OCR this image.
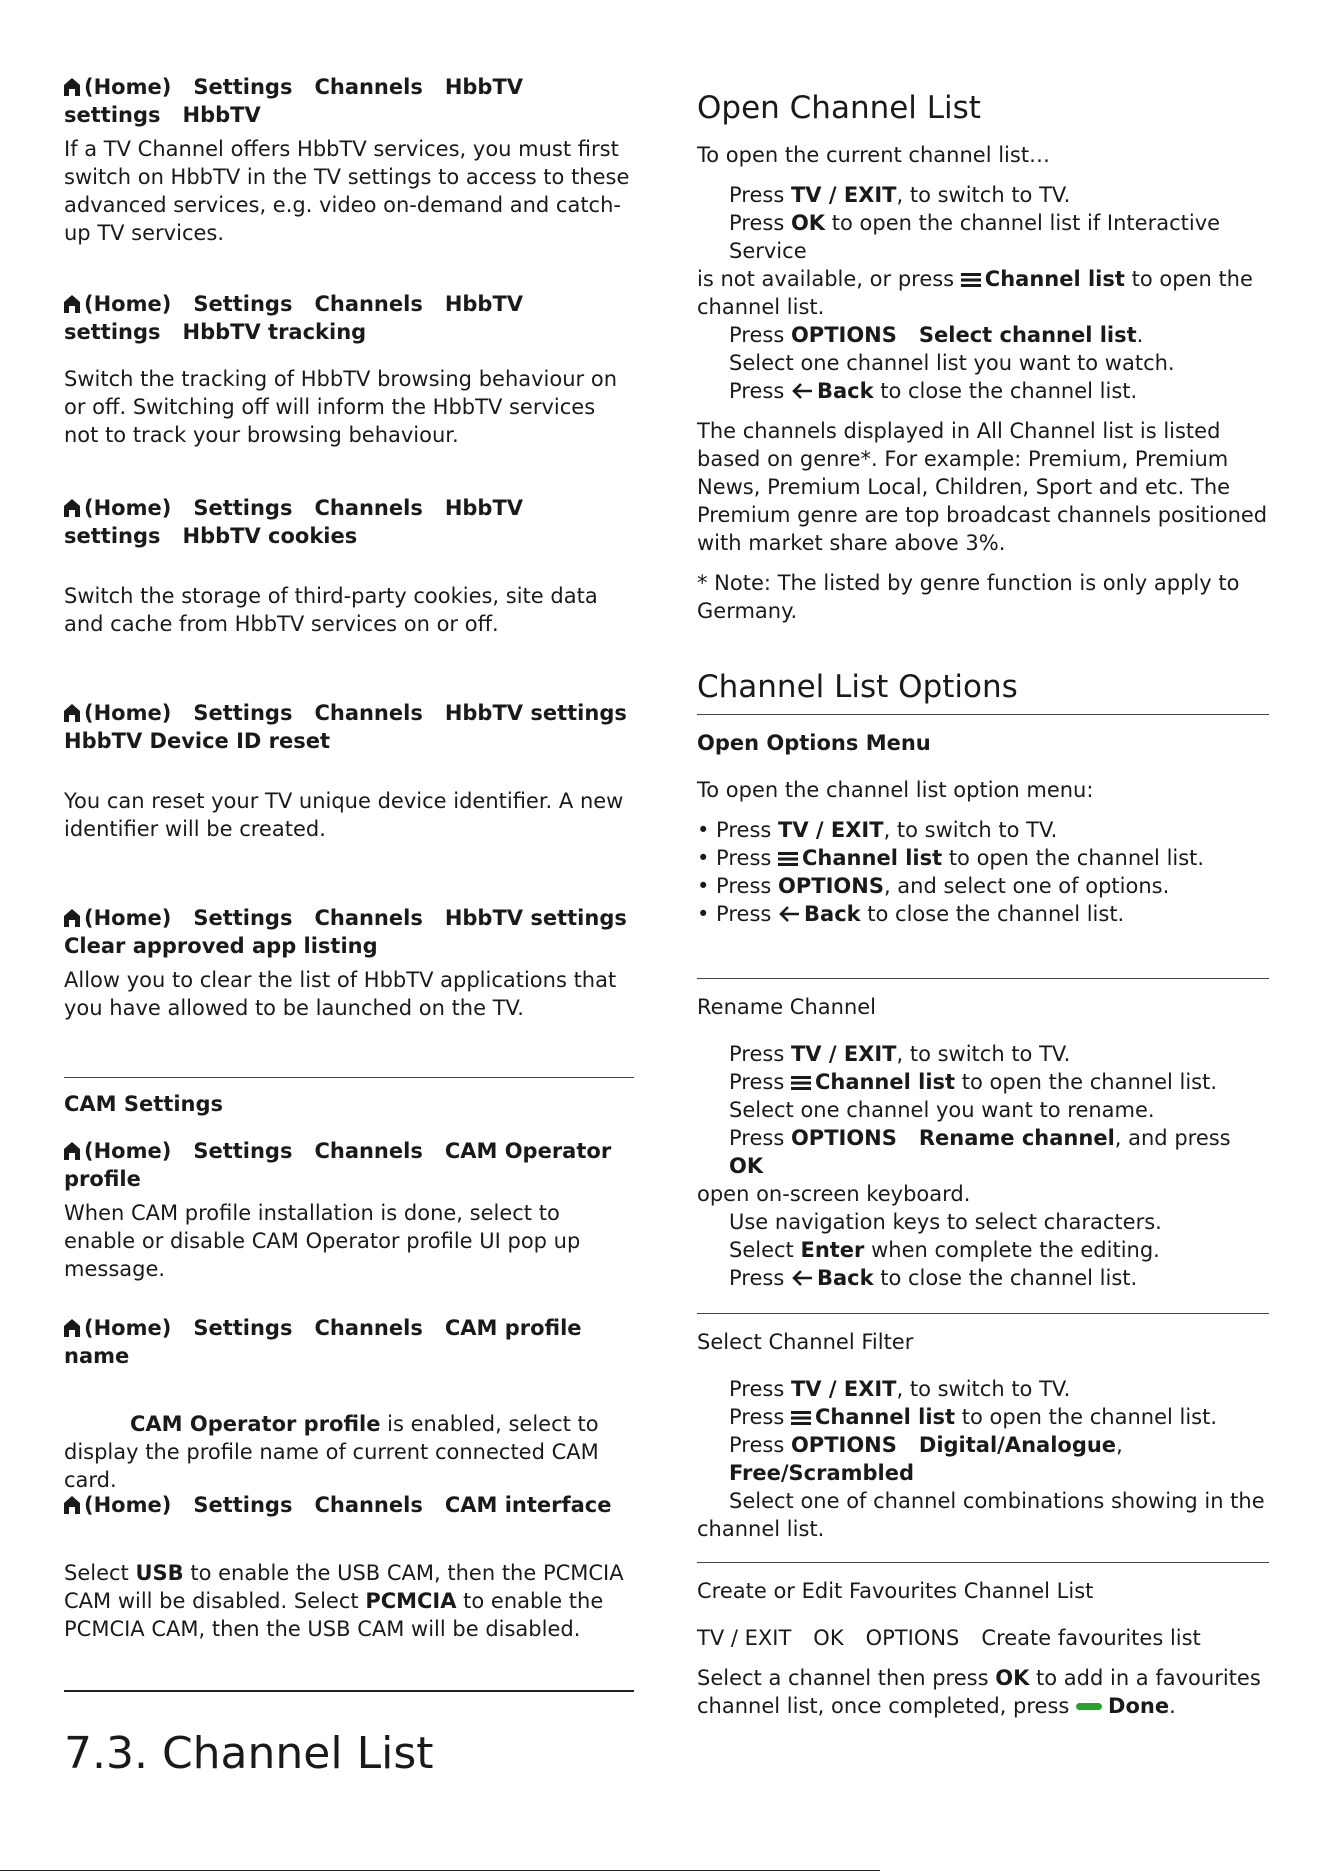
(Home) Settings Channels HbbTV
settings HbbTV

If a TV Channel offers HbbTV services, you must first switch on HbbTV in the TV settings to access to these advanced services, e.g. video on-demand and catch-up TV services.

(Home) Settings Channels HbbTV
settings HbbTV tracking

Switch the tracking of HbbTV browsing behaviour on or off. Switching off will inform the HbbTV services not to track your browsing behaviour.

(Home) Settings Channels HbbTV
settings HbbTV cookies

Switch the storage of third-party cookies, site data and cache from HbbTV services on or off.

(Home) Settings Channels HbbTV settings
HbbTV Device ID reset

You can reset your TV unique device identifier. A new identifier will be created.

(Home) Settings Channels HbbTV settings
Clear approved app listing

Allow you to clear the list of HbbTV applications that you have allowed to be launched on the TV.

CAM Settings

(Home) Settings Channels CAM Operator
profile

When CAM profile installation is done, select to enable or disable CAM Operator profile UI pop up message.

(Home) Settings Channels CAM profile name

CAM Operator profile is enabled, select to display the profile name of current connected CAM card.

(Home) Settings Channels CAM interface

Select USB to enable the USB CAM, then the PCMCIA CAM will be disabled. Select PCMCIA to enable the PCMCIA CAM, then the USB CAM will be disabled.

7.3. Channel List

Open Channel List

To open the current channel list…

Press TV / EXIT, to switch to TV.

Press OK to open the channel list if Interactive Service

is not available, or press Channel list to open the

channel list.

Press OPTIONS Select channel list.

Select one channel list you want to watch.

Press Back to close the channel list.

The channels displayed in All Channel list is listed based on genre*. For example: Premium, Premium News, Premium Local, Children, Sport and etc. The Premium genre are top broadcast channels positioned with market share above 3%.

* Note: The listed by genre function is only apply to Germany.

Channel List Options

Open Options Menu

To open the channel list option menu:

• Press TV / EXIT, to switch to TV.

• Press Channel list to open the channel list.

• Press OPTIONS, and select one of options.

• Press Back to close the channel list.

Rename Channel

Press TV / EXIT, to switch to TV.

Press Channel list to open the channel list.

Select one channel you want to rename.

Press OPTIONS Rename channel, and press OK

open on-screen keyboard.

Use navigation keys to select characters.

Select Enter when complete the editing.

Press Back to close the channel list.

Select Channel Filter

Press TV / EXIT, to switch to TV.

Press Channel list to open the channel list.

Press OPTIONS Digital/Analogue, Free/Scrambled

Select one of channel combinations showing in the

channel list.

Create or Edit Favourites Channel List

TV / EXIT OK OPTIONS Create favourites list

Select a channel then press OK to add in a favourites channel list, once completed, press Done.
